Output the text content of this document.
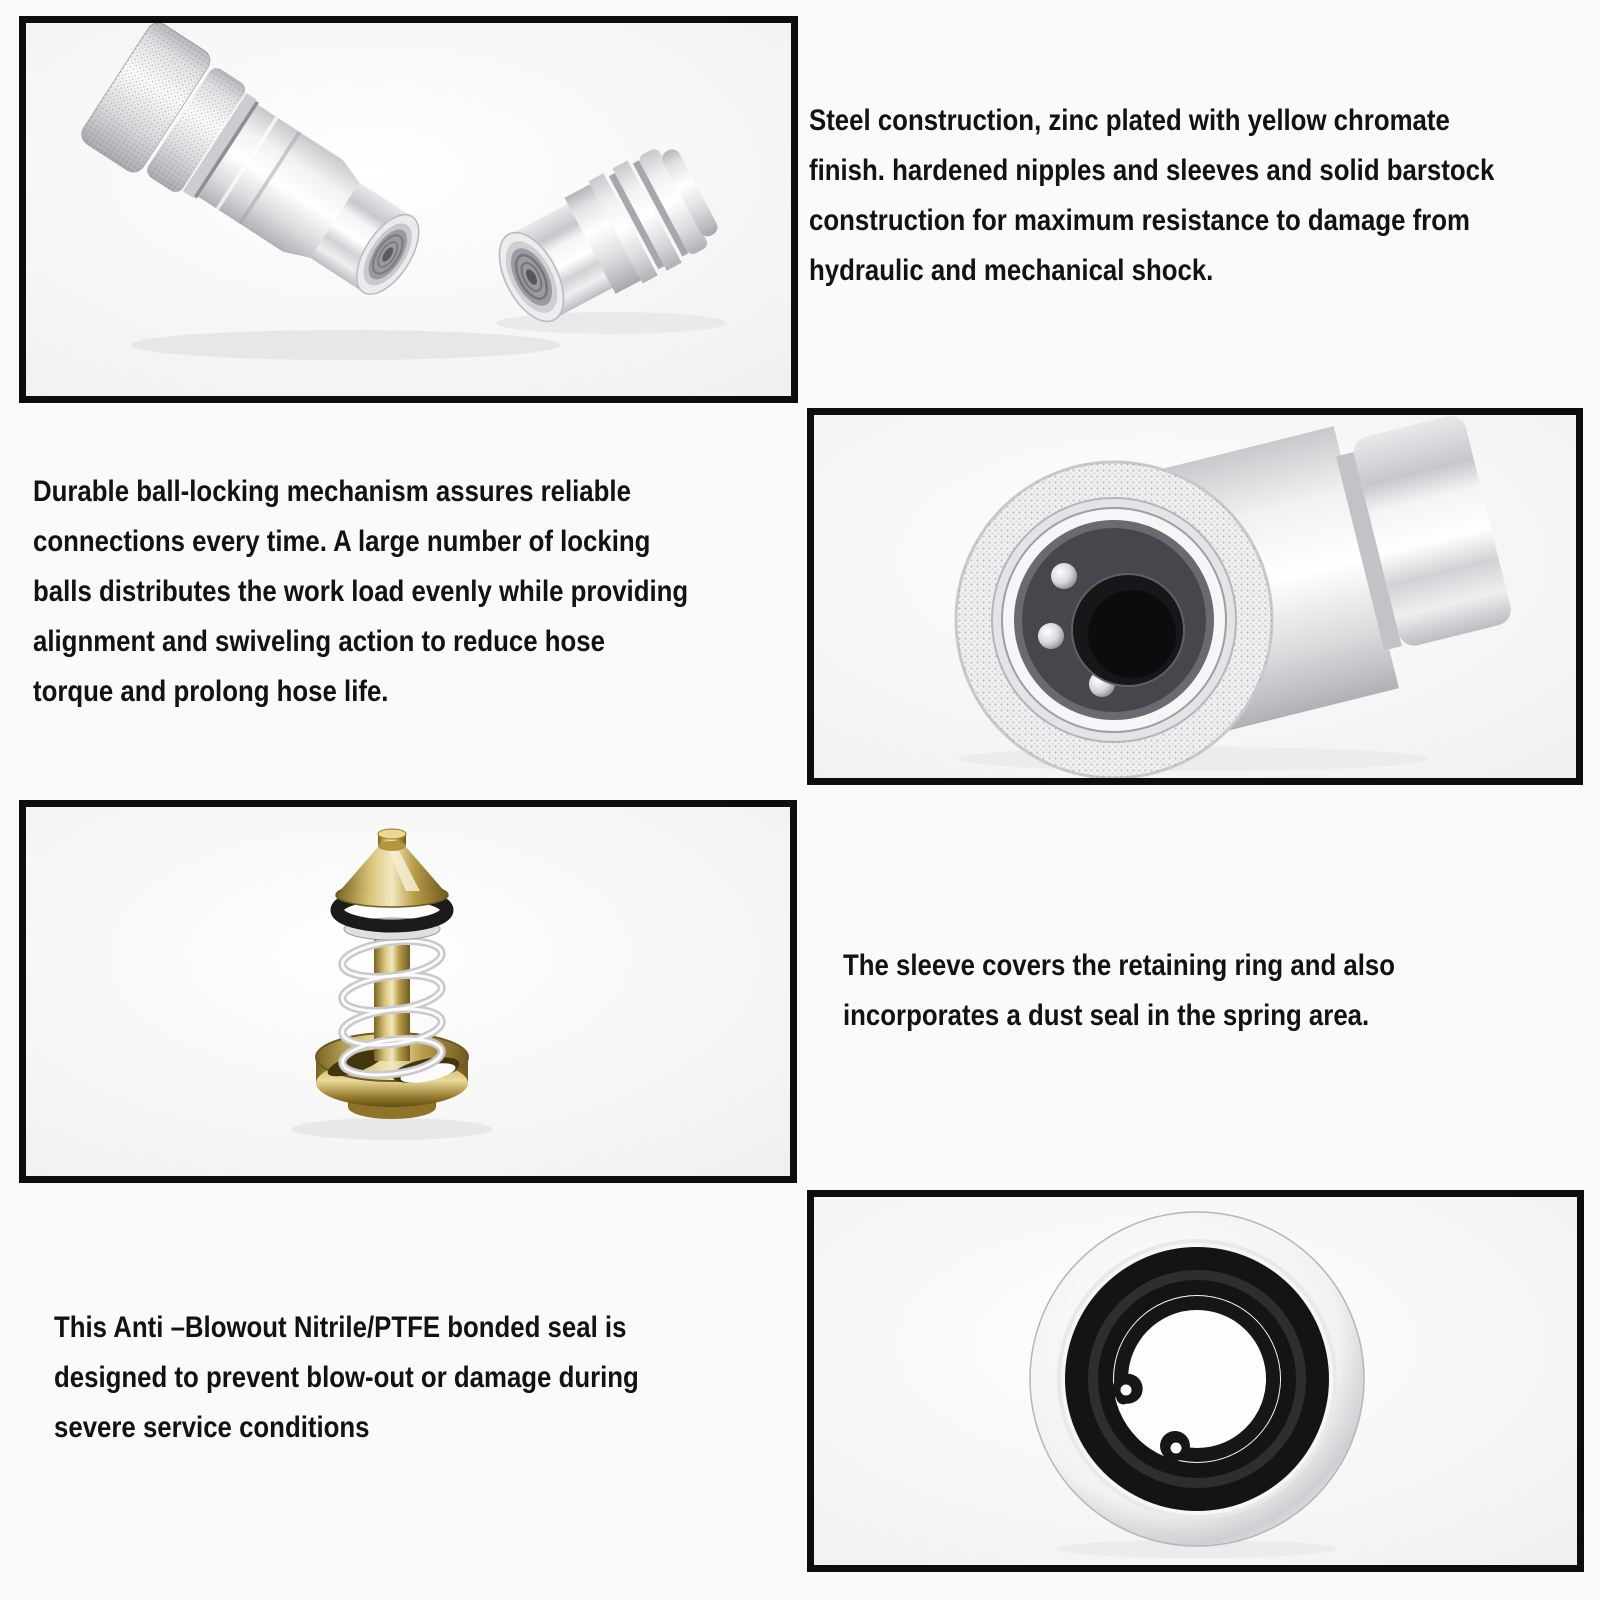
Steel construction, zinc plated with yellow chromate
finish. hardened nipples and sleeves and solid barstock
construction for maximum resistance to damage from
hydraulic and mechanical shock.
Durable ball-locking mechanism assures reliable
connections every time. A large number of locking
balls distributes the work load evenly while providing
alignment and swiveling action to reduce hose
torque and prolong hose life.
The sleeve covers the retaining ring and also
incorporates a dust seal in the spring area.
This Anti –Blowout Nitrile/PTFE bonded seal is
designed to prevent blow-out or damage during
severe service conditions
